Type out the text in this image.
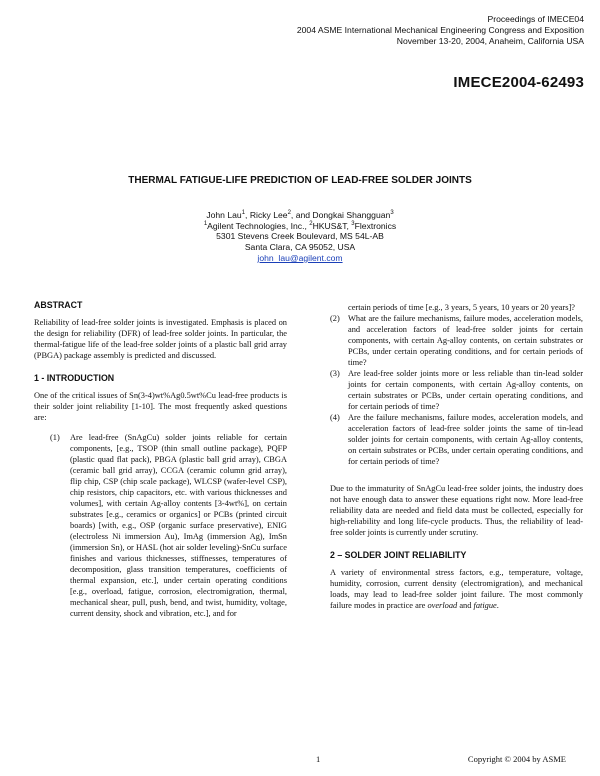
Proceedings of IMECE04
2004 ASME International Mechanical Engineering Congress and Exposition
November 13-20, 2004, Anaheim, California USA
IMECE2004-62493
THERMAL FATIGUE-LIFE PREDICTION OF LEAD-FREE SOLDER JOINTS
John Lau$^1$, Ricky Lee$^2$, and Dongkai Shangguan$^3$
$^1$Agilent Technologies, Inc., $^2$HKUS&T, $^3$Flextronics
5301 Stevens Creek Boulevard, MS 54L-AB
Santa Clara, CA 95052, USA
john_lau@agilent.com
ABSTRACT

Reliability of lead-free solder joints is investigated. Emphasis is placed on the design for reliability (DFR) of lead-free solder joints. In particular, the thermal-fatigue life of the lead-free solder joints of a plastic ball grid array (PBGA) package assembly is predicted and discussed.

1 - INTRODUCTION

One of the critical issues of Sn(3-4)wt%Ag0.5wt%Cu lead-free products is their solder joint reliability [1-10]. The most frequently asked questions are:

(1)	Are lead-free (SnAgCu) solder joints reliable for certain components, [e.g., TSOP (thin small outline package), PQFP (plastic quad flat pack), PBGA (plastic ball grid array), CBGA (ceramic ball grid array), CCGA (ceramic column grid array), flip chip, CSP (chip scale package), WLCSP (wafer-level CSP), chip resistors, chip capacitors, etc. with various thicknesses and volumes], with certain Ag-alloy contents [3-4wt%], on certain substrates [e.g., ceramics or organics] or PCBs (printed circuit boards) [with, e.g., OSP (organic surface preservative), ENIG (electroless Ni immersion Au), ImAg (immersion Ag), ImSn (immersion Sn), or HASL (hot air solder leveling)-SnCu surface finishes and various thicknesses, stiffnesses, temperatures of decomposition, glass transition temperatures, coefficients of thermal expansion, etc.], under certain operating conditions [e.g., overload, fatigue, corrosion, electromigration, thermal, mechanical shear, pull, push, bend, and twist, humidity, voltage, current density, shock and vibration, etc.], and for
certain periods of time [e.g., 3 years, 5 years, 10 years or 20 years]?
(2) What are the failure mechanisms, failure modes, acceleration models, and acceleration factors of lead-free solder joints for certain components, with certain Ag-alloy contents, on certain substrates or PCBs, under certain operating conditions, and for certain periods of time?
(3) Are lead-free solder joints more or less reliable than tin-lead solder joints for certain components, with certain Ag-alloy contents, on certain substrates or PCBs, under certain operating conditions, and for certain periods of time?
(4) Are the failure mechanisms, failure modes, acceleration models, and acceleration factors of lead-free solder joints the same of tin-lead solder joints for certain components, with certain Ag-alloy contents, on certain substrates or PCBs, under certain operating conditions, and for certain periods of time?

Due to the immaturity of SnAgCu lead-free solder joints, the industry does not have enough data to answer these equations right now. More lead-free reliability data are needed and field data must be collected, especially for high-reliability and long life-cycle products. Thus, the reliability of lead-free solder joints is currently under scrutiny.

2 – SOLDER JOINT RELIABILITY

A variety of environmental stress factors, e.g., temperature, voltage, humidity, corrosion, current density (electromigration), and mechanical loads, may lead to lead-free solder joint failure. The most commonly failure modes in practice are overload and fatigue.

1	Copyright © 2004 by ASME
